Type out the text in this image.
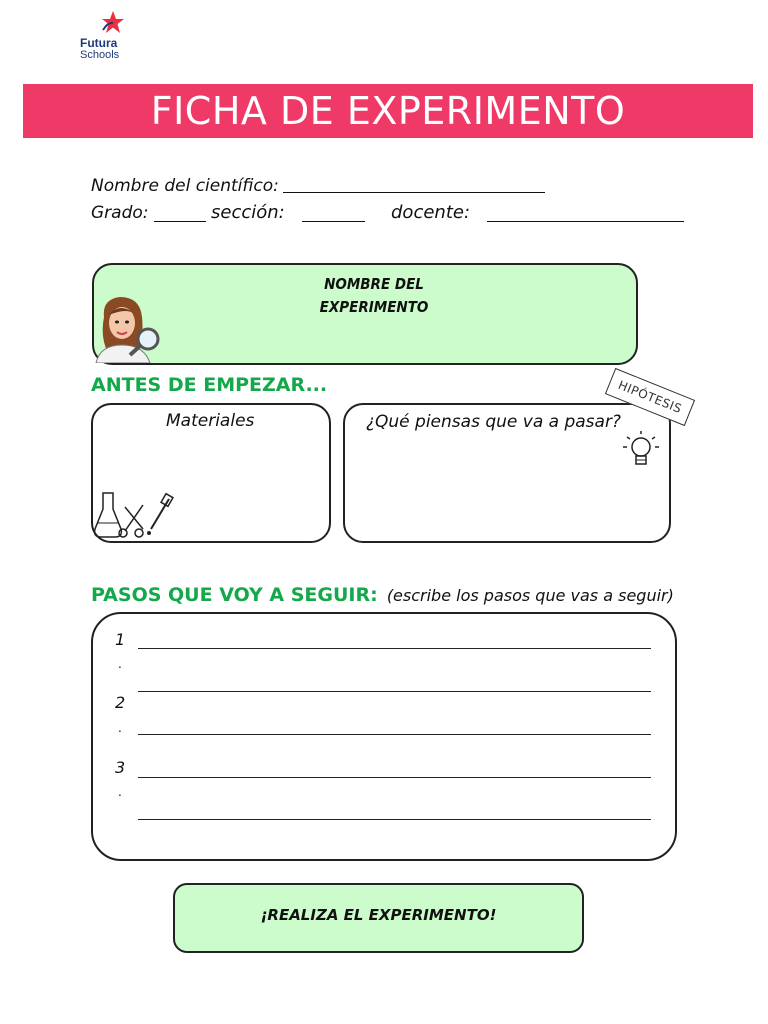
Futura
Schools
FICHA DE EXPERIMENTO
Nombre del científico:
Grado:	sección:	docente:
NOMBRE DEL
EXPERIMENTO
ANTES DE EMPEZAR...
Materiales	¿Qué piensas que va a pasar?
HIPÓTESIS
PASOS QUE VOY A SEGUIR: (escribe los pasos que vas a seguir)
1
.
2
.
3
.
¡REALIZA EL EXPERIMENTO!
